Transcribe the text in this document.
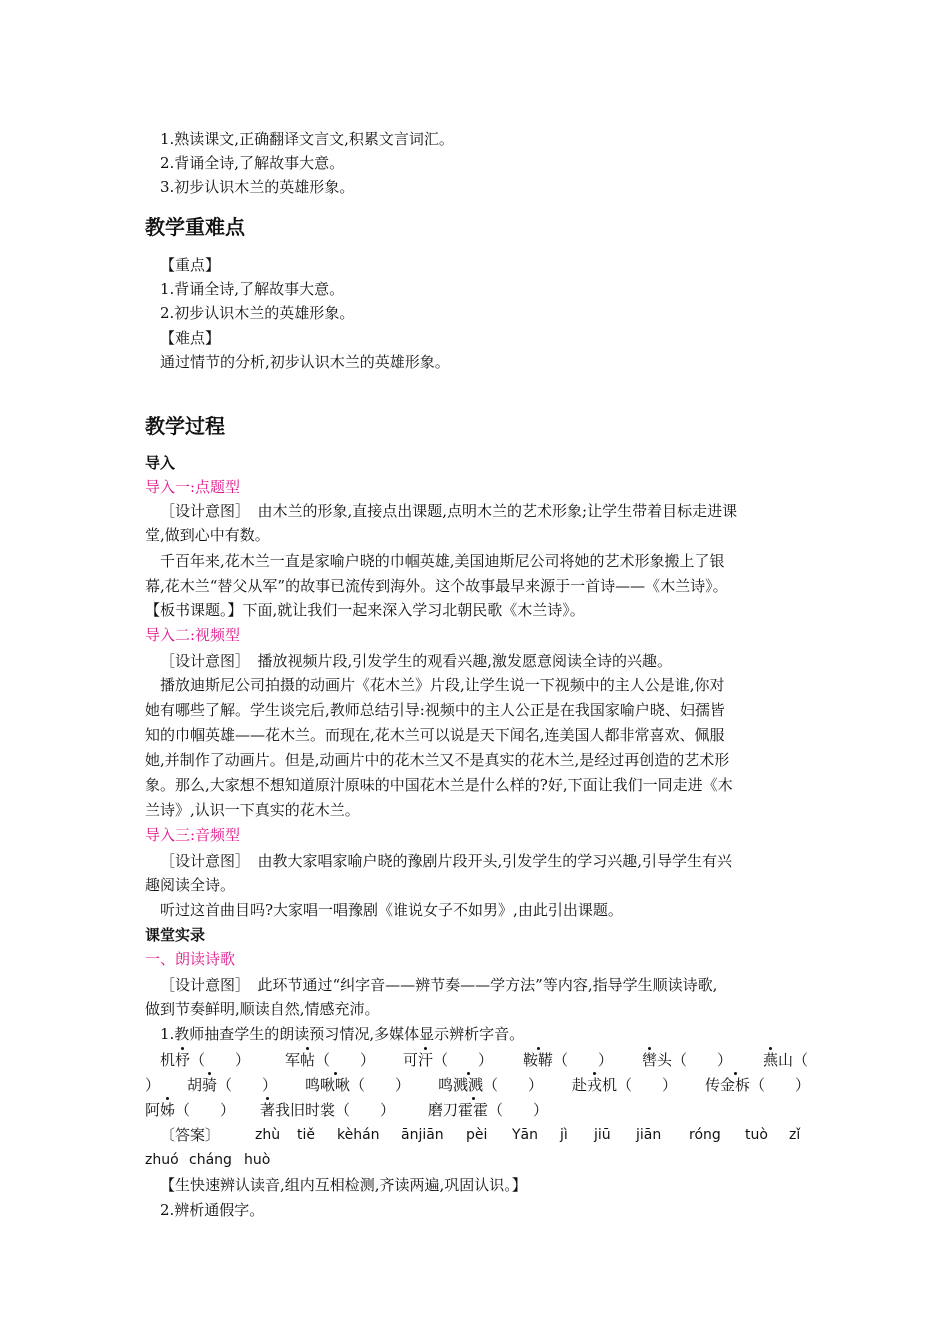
1.熟读课文,正确翻译文言文,积累文言词汇。
2.背诵全诗,了解故事大意。
3.初步认识木兰的英雄形象。
教学重难点
【重点】
1.背诵全诗,了解故事大意。
2.初步认识木兰的英雄形象。
【难点】
通过情节的分析,初步认识木兰的英雄形象。
教学过程
导入
导入一:点题型
［设计意图］　由木兰的形象,直接点出课题,点明木兰的艺术形象;让学生带着目标走进课
堂,做到心中有数。
千百年来,花木兰一直是家喻户晓的巾帼英雄,美国迪斯尼公司将她的艺术形象搬上了银
幕,花木兰“替父从军”的故事已流传到海外。这个故事最早来源于一首诗——《木兰诗》。
【板书课题。】下面,就让我们一起来深入学习北朝民歌《木兰诗》。
导入二:视频型
［设计意图］　播放视频片段,引发学生的观看兴趣,激发愿意阅读全诗的兴趣。
播放迪斯尼公司拍摄的动画片《花木兰》片段,让学生说一下视频中的主人公是谁,你对
她有哪些了解。学生谈完后,教师总结引导:视频中的主人公正是在我国家喻户晓、妇孺皆
知的巾帼英雄——花木兰。而现在,花木兰可以说是天下闻名,连美国人都非常喜欢、佩服
她,并制作了动画片。但是,动画片中的花木兰又不是真实的花木兰,是经过再创造的艺术形
象。那么,大家想不想知道原汁原味的中国花木兰是什么样的?好,下面让我们一同走进《木
兰诗》,认识一下真实的花木兰。
导入三:音频型
［设计意图］　由教大家唱家喻户晓的豫剧片段开头,引发学生的学习兴趣,引导学生有兴
趣阅读全诗。
听过这首曲目吗?大家唱一唱豫剧《谁说女子不如男》,由此引出课题。
课堂实录
一、朗读诗歌
［设计意图］　此环节通过“纠字音——辨节奏——学方法”等内容,指导学生顺读诗歌,
做到节奏鲜明,顺读自然,情感充沛。
1.教师抽查学生的朗读预习情况,多媒体显示辨析字音。
机杼（　　） 军帖（　　） 可汗（　　） 鞍鞯（　　） 辔头（　　） 燕山（
） 胡骑（　　） 鸣啾啾（　　） 鸣溅溅（　　） 赴戎机（　　） 传金柝（　　）
阿姊（　　） 著我旧时裳（　　） 磨刀霍霍（　　）
〔答案〕 zhù tiě kèhán ānjiān pèi Yān jì jiū jiān róng tuò zǐ
zhuó cháng huò
【生快速辨认读音,组内互相检测,齐读两遍,巩固认识。】
2.辨析通假字。
